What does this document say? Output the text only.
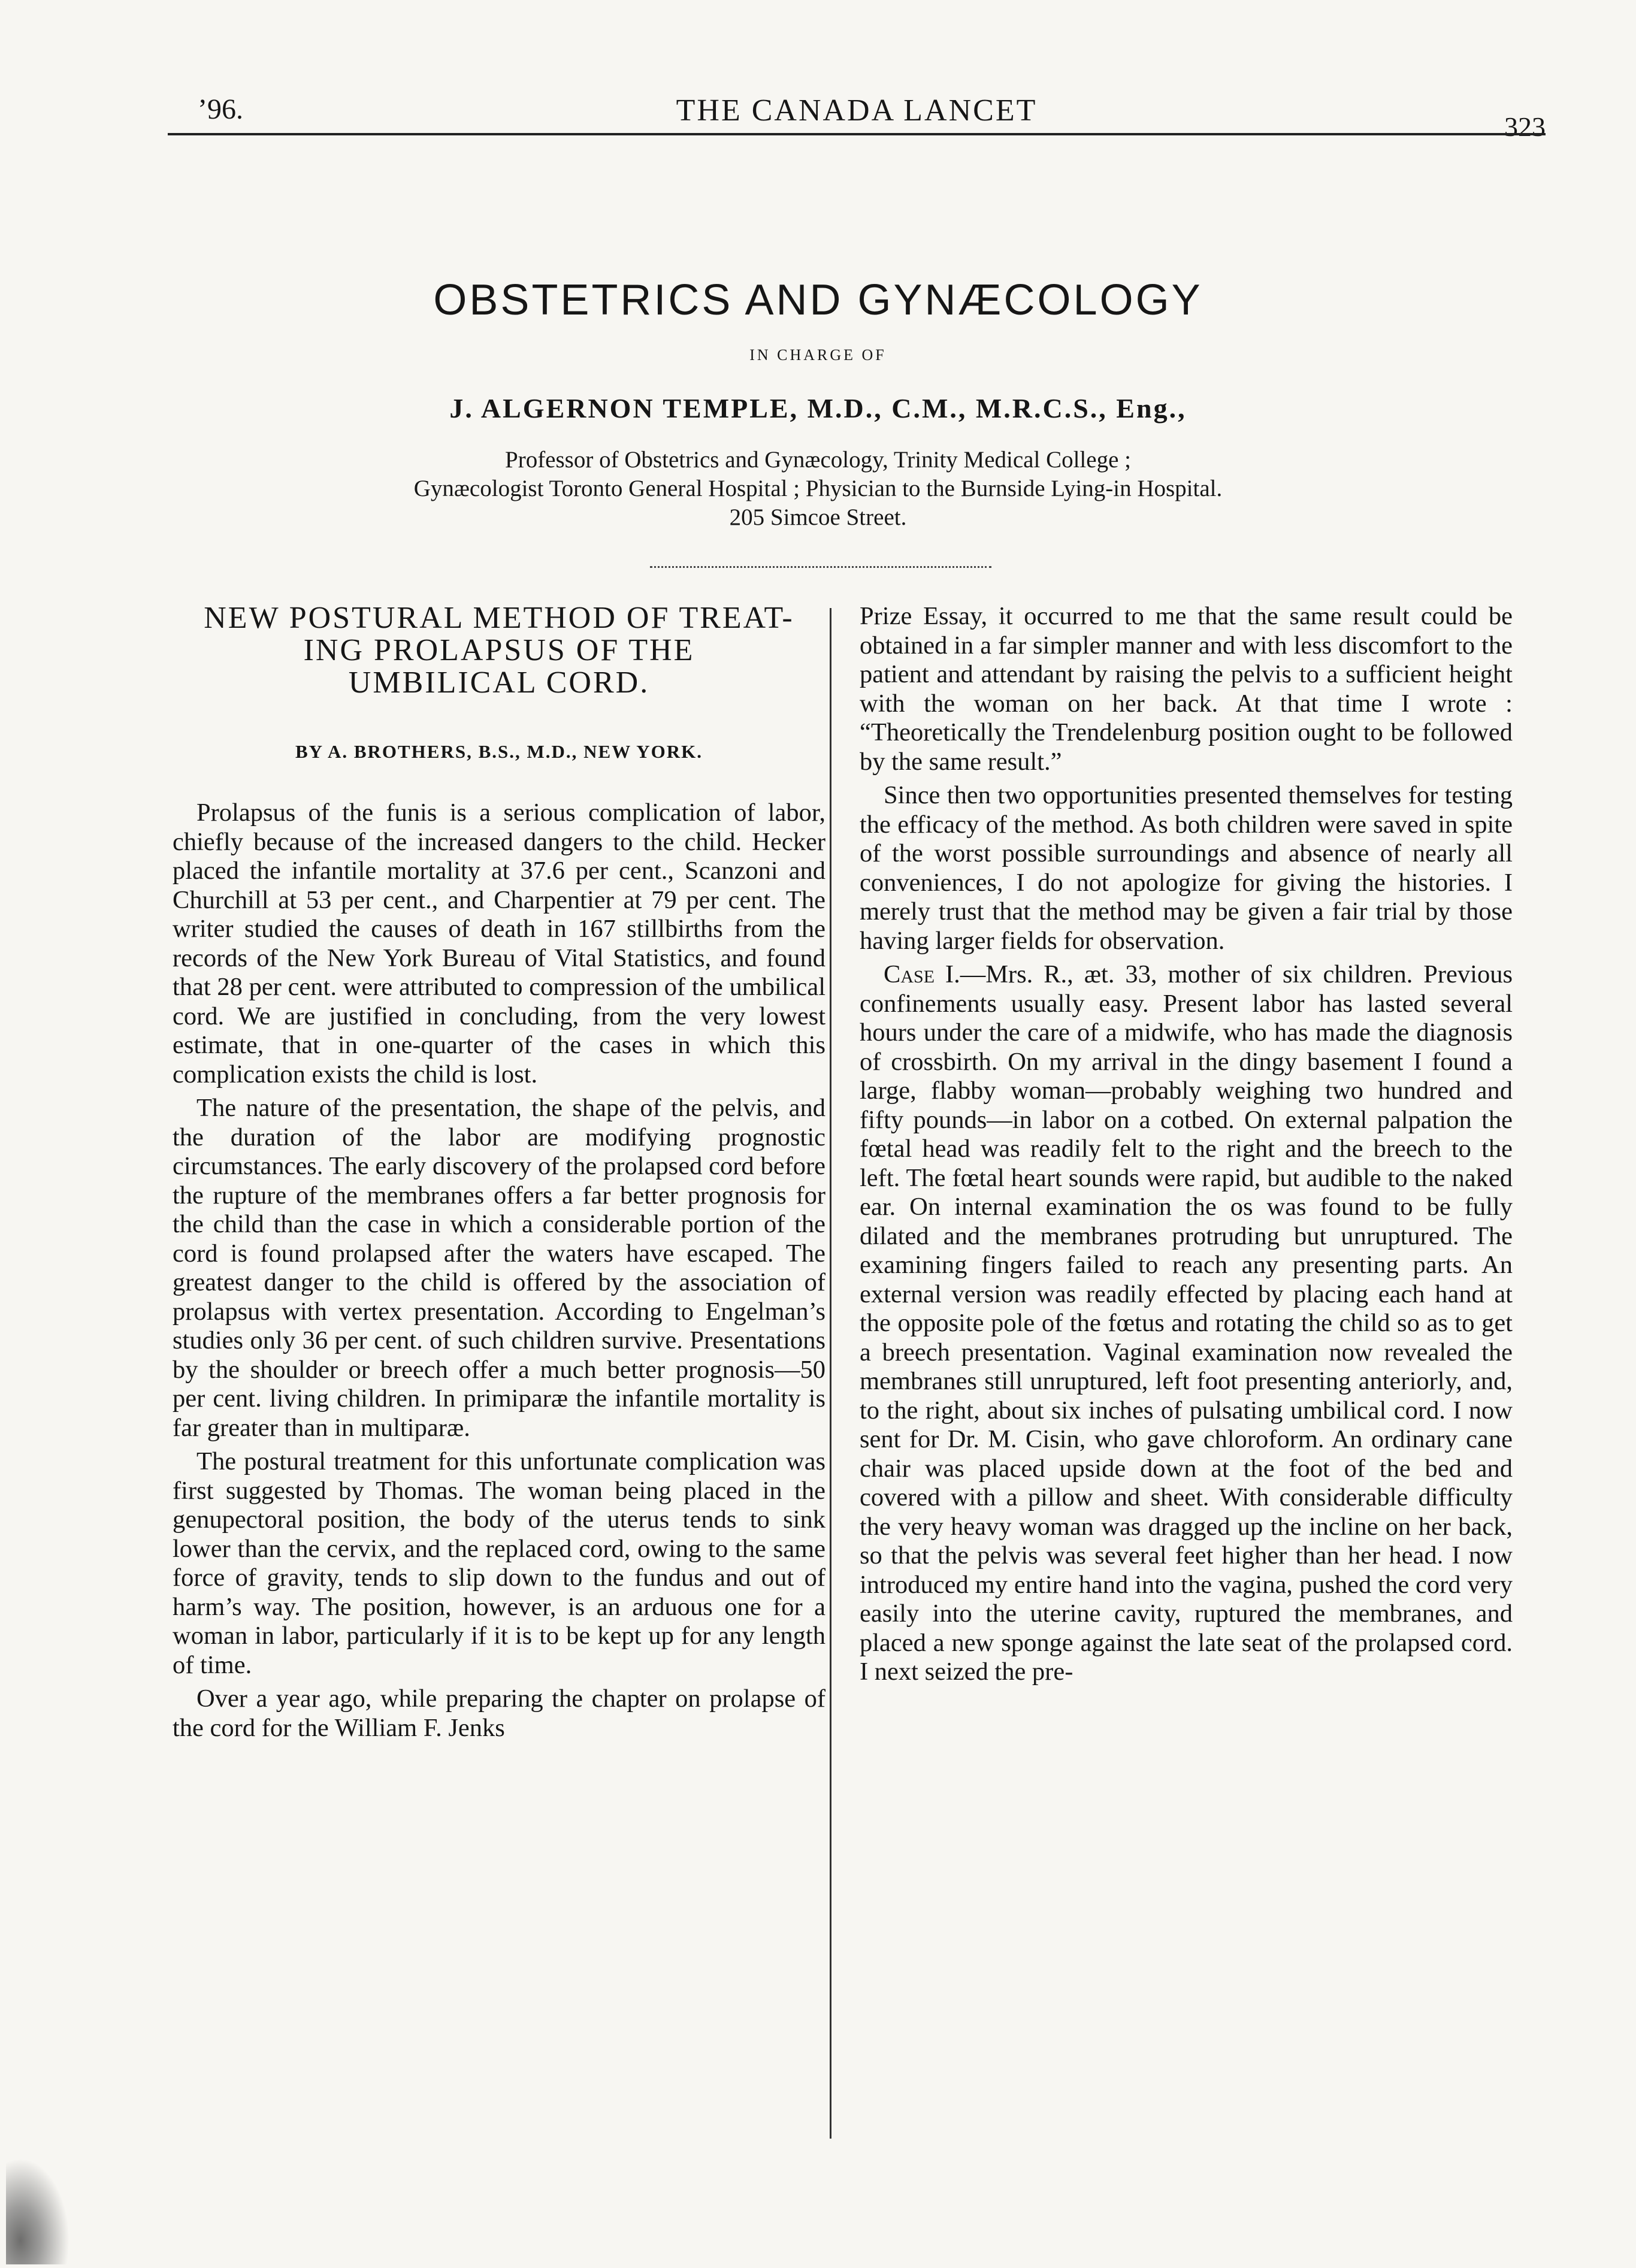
’96.	THE CANADA LANCET	323
OBSTETRICS AND GYNÆCOLOGY
IN CHARGE OF
J. ALGERNON TEMPLE, M.D., C.M., M.R.C.S., Eng.,
Professor of Obstetrics and Gynæcology, Trinity Medical College ;
Gynæcologist Toronto General Hospital ; Physician to the Burnside Lying-in Hospital.
205 Simcoe Street.

NEW POSTURAL METHOD OF TREAT-

ING PROLAPSUS OF THE

UMBILICAL CORD.

BY A. BROTHERS, B.S., M.D., NEW YORK.

Prolapsus of the funis is a serious complication of labor, chiefly because of the increased dangers to the child. Hecker placed the infantile mortality at 37.6 per cent., Scanzoni and Churchill at 53 per cent., and Charpentier at 79 per cent. The writer studied the causes of death in 167 stillbirths from the records of the New York Bureau of Vital Statistics, and found that 28 per cent. were attributed to compression of the umbilical cord. We are justified in concluding, from the very lowest estimate, that in one-quarter of the cases in which this complication exists the child is lost.

The nature of the presentation, the shape of the pelvis, and the duration of the labor are modifying prognostic circumstances. The early discovery of the prolapsed cord before the rupture of the membranes offers a far better prognosis for the child than the case in which a considerable portion of the cord is found prolapsed after the waters have escaped. The greatest danger to the child is offered by the association of prolapsus with vertex presentation. According to Engelman’s studies only 36 per cent. of such children survive. Presentations by the shoulder or breech offer a much better prognosis—50 per cent. living children. In primiparæ the infantile mortality is far greater than in multiparæ.

The postural treatment for this unfortunate complication was first suggested by Thomas. The woman being placed in the genupectoral position, the body of the uterus tends to sink lower than the cervix, and the replaced cord, owing to the same force of gravity, tends to slip down to the fundus and out of harm’s way. The position, however, is an arduous one for a woman in labor, particularly if it is to be kept up for any length of time.

Over a year ago, while preparing the chapter on prolapse of the cord for the William F. Jenks

Prize Essay, it occurred to me that the same result could be obtained in a far simpler manner and with less discomfort to the patient and attendant by raising the pelvis to a sufficient height with the woman on her back. At that time I wrote : “Theoretically the Trendelenburg position ought to be followed by the same result.”

Since then two opportunities presented themselves for testing the efficacy of the method. As both children were saved in spite of the worst possible surroundings and absence of nearly all conveniences, I do not apologize for giving the histories. I merely trust that the method may be given a fair trial by those having larger fields for observation.

Case I.—Mrs. R., æt. 33, mother of six children. Previous confinements usually easy. Present labor has lasted several hours under the care of a midwife, who has made the diagnosis of crossbirth. On my arrival in the dingy basement I found a large, flabby woman—probably weighing two hundred and fifty pounds—in labor on a cotbed. On external palpation the fœtal head was readily felt to the right and the breech to the left. The fœtal heart sounds were rapid, but audible to the naked ear. On internal examination the os was found to be fully dilated and the membranes protruding but unruptured. The examining fingers failed to reach any presenting parts. An external version was readily effected by placing each hand at the opposite pole of the fœtus and rotating the child so as to get a breech presentation. Vaginal examination now revealed the membranes still unruptured, left foot presenting anteriorly, and, to the right, about six inches of pulsating umbilical cord. I now sent for Dr. M. Cisin, who gave chloroform. An ordinary cane chair was placed upside down at the foot of the bed and covered with a pillow and sheet. With considerable difficulty the very heavy woman was dragged up the incline on her back, so that the pelvis was several feet higher than her head. I now introduced my entire hand into the vagina, pushed the cord very easily into the uterine cavity, ruptured the membranes, and placed a new sponge against the late seat of the prolapsed cord. I next seized the pre-
